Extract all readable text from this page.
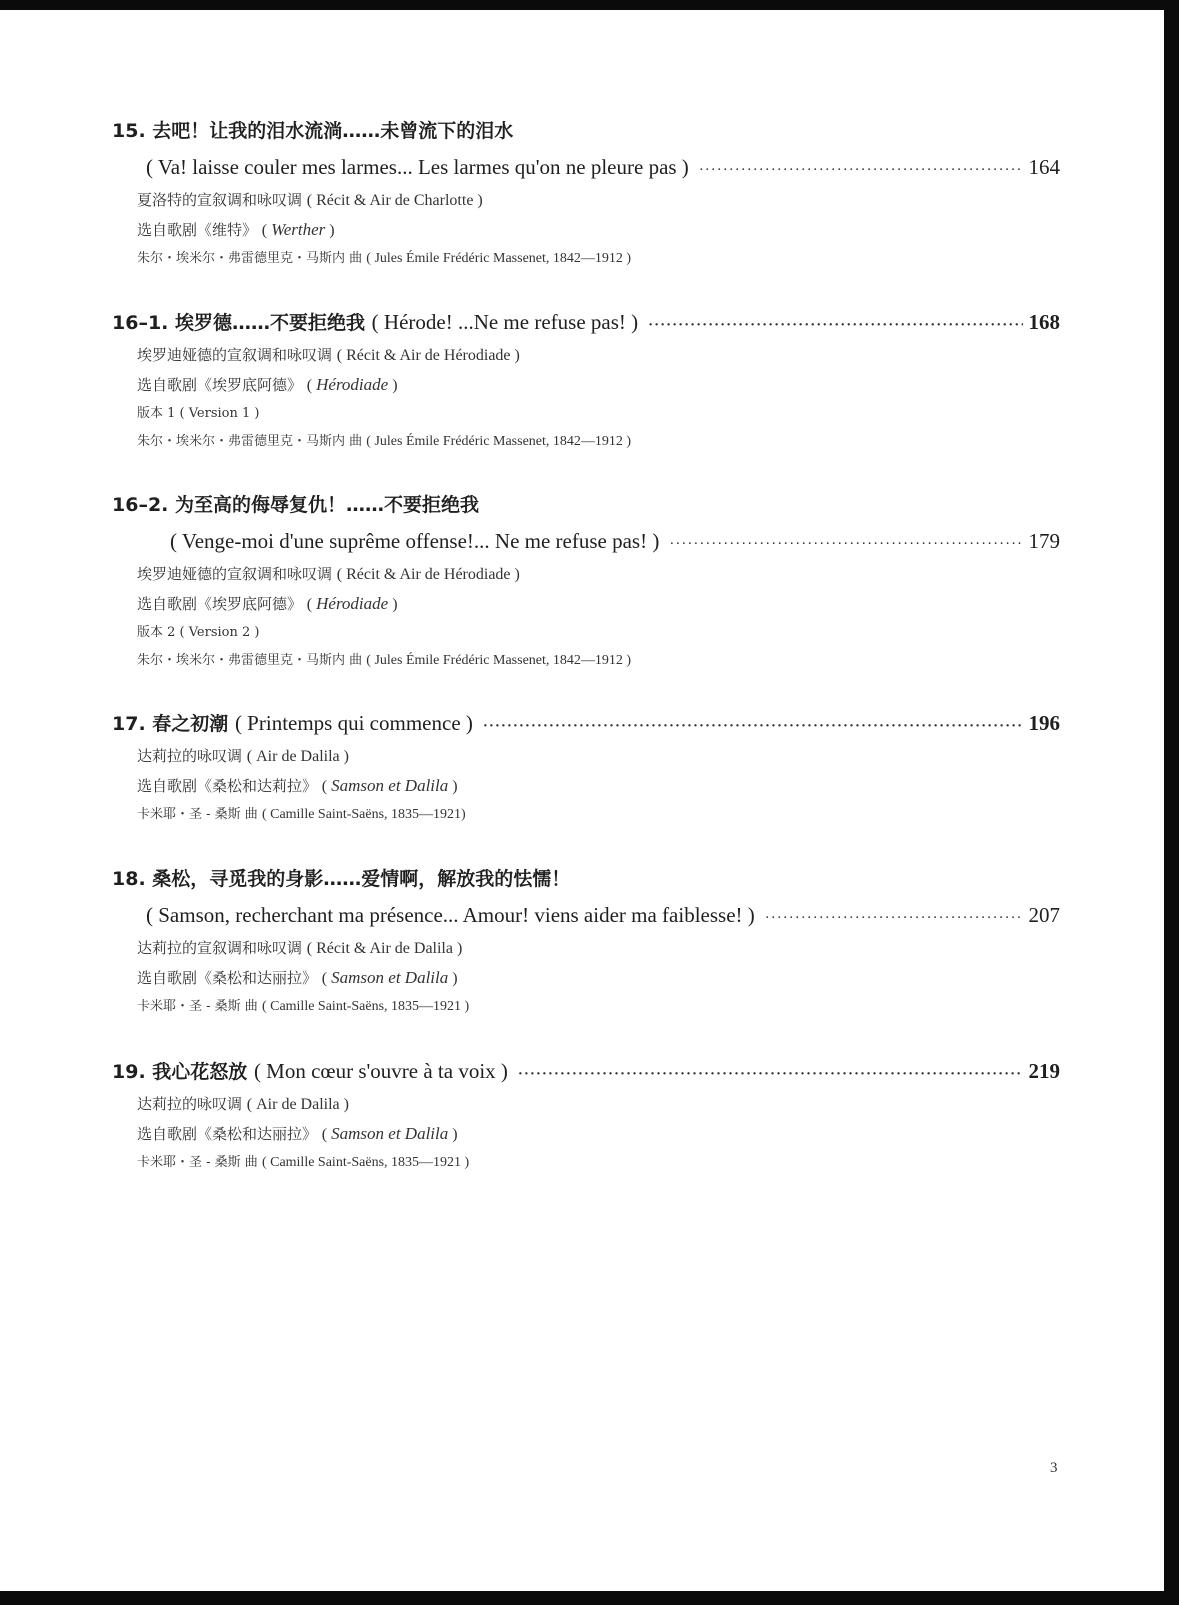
15.
去吧！让我的泪水流淌……未曾流下的泪水
( Va! laisse couler mes larmes... Les larmes qu'on ne pleure pas ) ·····	164
夏洛特的宣叙调和咏叹调 ( Récit & Air de Charlotte )
选自歌剧《维特》 ( Werther )
朱尔・埃米尔・弗雷德里克・马斯内 曲 ( Jules Émile Frédéric Massenet, 1842—1912 )
16–1.
埃罗德……不要拒绝我
( Hérode! ...Ne me refuse pas! ) ·····	168
埃罗迪娅德的宣叙调和咏叹调 ( Récit & Air de Hérodiade )
选自歌剧《埃罗底阿德》 ( Hérodiade )
版本 1 ( Version 1 )
朱尔・埃米尔・弗雷德里克・马斯内 曲 ( Jules Émile Frédéric Massenet, 1842—1912 )
16–2.
为至高的侮辱复仇！……不要拒绝我
( Venge-moi d'une suprême offense!... Ne me refuse pas! ) ·····	179
埃罗迪娅德的宣叙调和咏叹调 ( Récit & Air de Hérodiade )
选自歌剧《埃罗底阿德》 ( Hérodiade )
版本 2 ( Version 2 )
朱尔・埃米尔・弗雷德里克・马斯内 曲 ( Jules Émile Frédéric Massenet, 1842—1912 )
17.
春之初潮
( Printemps qui commence ) ·····	196
达莉拉的咏叹调 ( Air de Dalila )
选自歌剧《桑松和达莉拉》 ( Samson et Dalila )
卡米耶・圣 - 桑斯 曲 ( Camille Saint-Saëns, 1835—1921)
18.
桑松，寻觅我的身影……爱情啊，解放我的怯懦！
( Samson, recherchant ma présence... Amour! viens aider ma faiblesse! ) ·····	207
达莉拉的宣叙调和咏叹调 ( Récit & Air de Dalila )
选自歌剧《桑松和达丽拉》 ( Samson et Dalila )
卡米耶・圣 - 桑斯 曲 ( Camille Saint-Saëns, 1835—1921 )
19.
我心花怒放
( Mon cœur s'ouvre à ta voix ) ·····	219
达莉拉的咏叹调 ( Air de Dalila )
选自歌剧《桑松和达丽拉》 ( Samson et Dalila )
卡米耶・圣 - 桑斯 曲 ( Camille Saint-Saëns, 1835—1921 )
3
